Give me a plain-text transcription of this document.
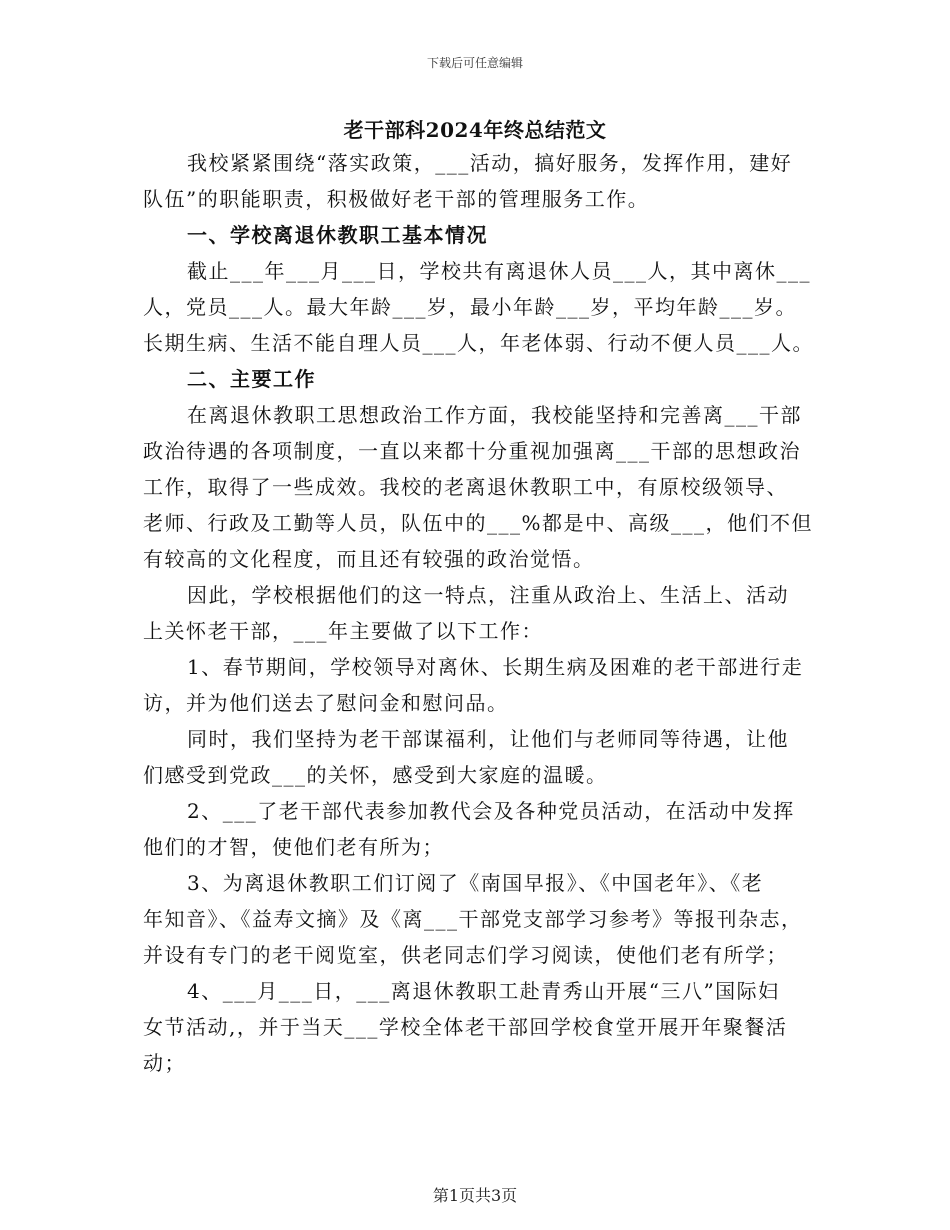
下载后可任意编辑
老干部科2024年终总结范文
我校紧紧围绕“落实政策，___活动，搞好服务，发挥作用，建好
队伍”的职能职责，积极做好老干部的管理服务工作。
一、学校离退休教职工基本情况
截止___年___月___日，学校共有离退休人员___人，其中离休___
人，党员___人。最大年龄___岁，最小年龄___岁，平均年龄___岁。
长期生病、生活不能自理人员___人，年老体弱、行动不便人员___人。
二、主要工作
在离退休教职工思想政治工作方面，我校能坚持和完善离___干部
政治待遇的各项制度，一直以来都十分重视加强离___干部的思想政治
工作，取得了一些成效。我校的老离退休教职工中，有原校级领导、
老师、行政及工勤等人员，队伍中的___%都是中、高级___，他们不但
有较高的文化程度，而且还有较强的政治觉悟。
因此，学校根据他们的这一特点，注重从政治上、生活上、活动
上关怀老干部，___年主要做了以下工作：
1、春节期间，学校领导对离休、长期生病及困难的老干部进行走
访，并为他们送去了慰问金和慰问品。
同时，我们坚持为老干部谋福利，让他们与老师同等待遇，让他
们感受到党政___的关怀，感受到大家庭的温暖。
2、___了老干部代表参加教代会及各种党员活动，在活动中发挥
他们的才智，使他们老有所为；
3、为离退休教职工们订阅了《南国早报》、《中国老年》、《老
年知音》、《益寿文摘》及《离___干部党支部学习参考》等报刊杂志，
并设有专门的老干阅览室，供老同志们学习阅读，使他们老有所学；
4、___月___日，___离退休教职工赴青秀山开展“三八”国际妇
女节活动,，并于当天___学校全体老干部回学校食堂开展开年聚餐活
动；
第1页共3页
